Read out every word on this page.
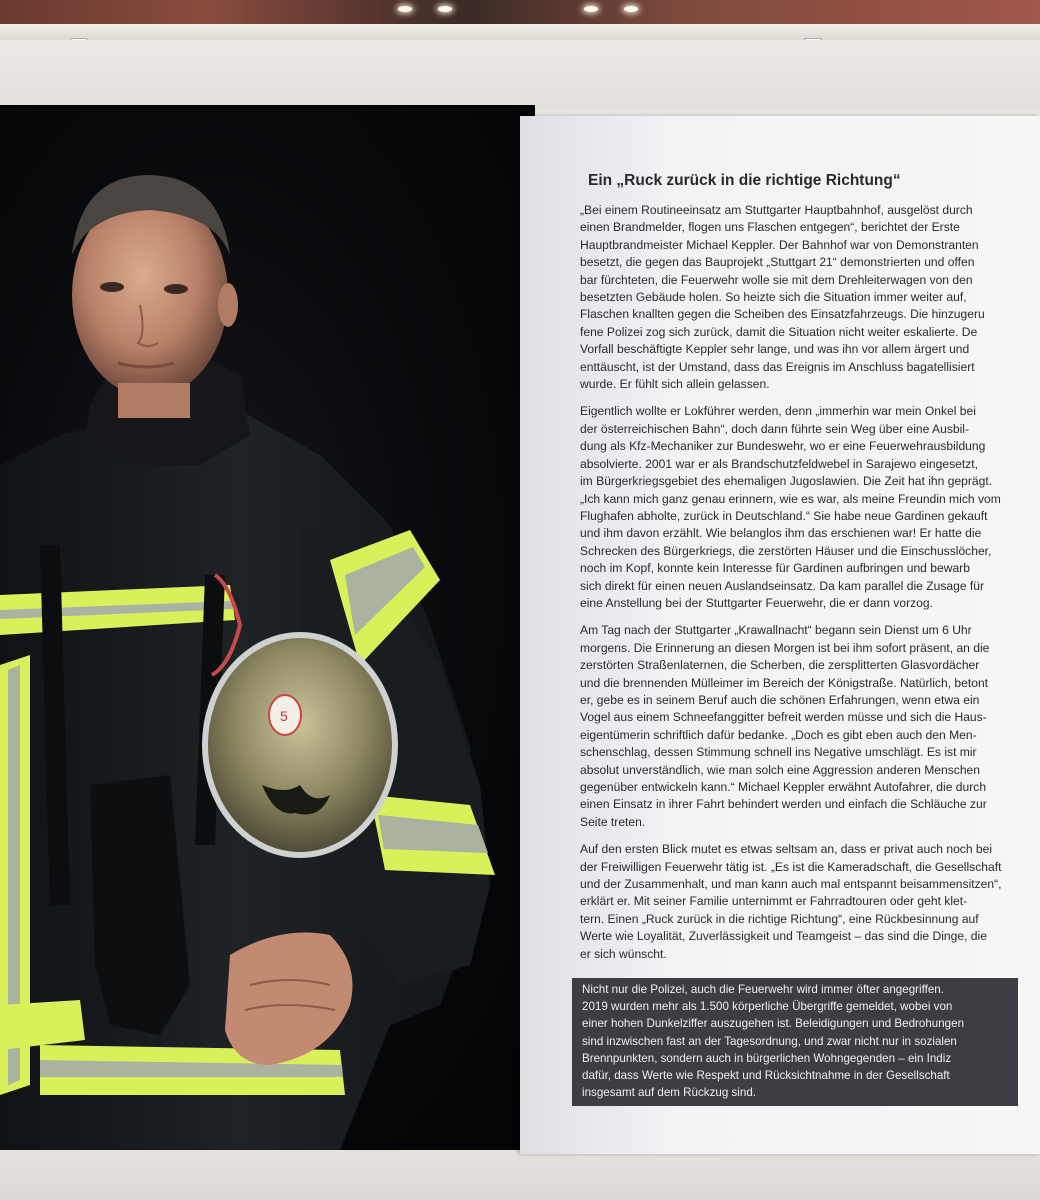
5
Ein „Ruck zurück in die richtige Richtung“

„Bei einem Routineeinsatz am Stuttgarter Hauptbahnhof, ausgelöst durch
einen Brandmelder, flogen uns Flaschen entgegen“, berichtet der Erste
Hauptbrandmeister Michael Keppler. Der Bahnhof war von Demonstranten
besetzt, die gegen das Bauprojekt „Stuttgart 21“ demonstrierten und offen
bar fürchteten, die Feuerwehr wolle sie mit dem Drehleiterwagen von den
besetzten Gebäude holen. So heizte sich die Situation immer weiter auf,
Flaschen knallten gegen die Scheiben des Einsatzfahrzeugs. Die hinzugeru
fene Polizei zog sich zurück, damit die Situation nicht weiter eskalierte. De
Vorfall beschäftigte Keppler sehr lange, und was ihn vor allem ärgert und
enttäuscht, ist der Umstand, dass das Ereignis im Anschluss bagatellisiert
wurde. Er fühlt sich allein gelassen.

Eigentlich wollte er Lokführer werden, denn „immerhin war mein Onkel bei
der österreichischen Bahn“, doch dann führte sein Weg über eine Ausbil-
dung als Kfz-Mechaniker zur Bundeswehr, wo er eine Feuerwehrausbildung
absolvierte. 2001 war er als Brandschutzfeldwebel in Sarajewo eingesetzt,
im Bürgerkriegsgebiet des ehemaligen Jugoslawien. Die Zeit hat ihn geprägt.
„Ich kann mich ganz genau erinnern, wie es war, als meine Freundin mich vom
Flughafen abholte, zurück in Deutschland.“ Sie habe neue Gardinen gekauft
und ihm davon erzählt. Wie belanglos ihm das erschienen war! Er hatte die
Schrecken des Bürgerkriegs, die zerstörten Häuser und die Einschusslöcher,
noch im Kopf, konnte kein Interesse für Gardinen aufbringen und bewarb
sich direkt für einen neuen Auslandseinsatz. Da kam parallel die Zusage für
eine Anstellung bei der Stuttgarter Feuerwehr, die er dann vorzog.

Am Tag nach der Stuttgarter „Krawallnacht“ begann sein Dienst um 6 Uhr
morgens. Die Erinnerung an diesen Morgen ist bei ihm sofort präsent, an die
zerstörten Straßenlaternen, die Scherben, die zersplitterten Glasvordächer
und die brennenden Mülleimer im Bereich der Königstraße. Natürlich, betont
er, gebe es in seinem Beruf auch die schönen Erfahrungen, wenn etwa ein
Vogel aus einem Schneefanggitter befreit werden müsse und sich die Haus-
eigentümerin schriftlich dafür bedanke. „Doch es gibt eben auch den Men-
schenschlag, dessen Stimmung schnell ins Negative umschlägt. Es ist mir
absolut unverständlich, wie man solch eine Aggression anderen Menschen
gegenüber entwickeln kann.“ Michael Keppler erwähnt Autofahrer, die durch
einen Einsatz in ihrer Fahrt behindert werden und einfach die Schläuche zur
Seite treten.

Auf den ersten Blick mutet es etwas seltsam an, dass er privat auch noch bei
der Freiwilligen Feuerwehr tätig ist. „Es ist die Kameradschaft, die Gesellschaft
und der Zusammenhalt, und man kann auch mal entspannt beisammensitzen“,
erklärt er. Mit seiner Familie unternimmt er Fahrradtouren oder geht klet-
tern. Einen „Ruck zurück in die richtige Richtung“, eine Rückbesinnung auf
Werte wie Loyalität, Zuverlässigkeit und Teamgeist – das sind die Dinge, die
er sich wünscht.

Nicht nur die Polizei, auch die Feuerwehr wird immer öfter angegriffen.
2019 wurden mehr als 1.500 körperliche Übergriffe gemeldet, wobei von
einer hohen Dunkelziffer auszugehen ist. Beleidigungen und Bedrohungen
sind inzwischen fast an der Tagesordnung, und zwar nicht nur in sozialen
Brennpunkten, sondern auch in bürgerlichen Wohngegenden – ein Indiz
dafür, dass Werte wie Respekt und Rücksichtnahme in der Gesellschaft
insgesamt auf dem Rückzug sind.
